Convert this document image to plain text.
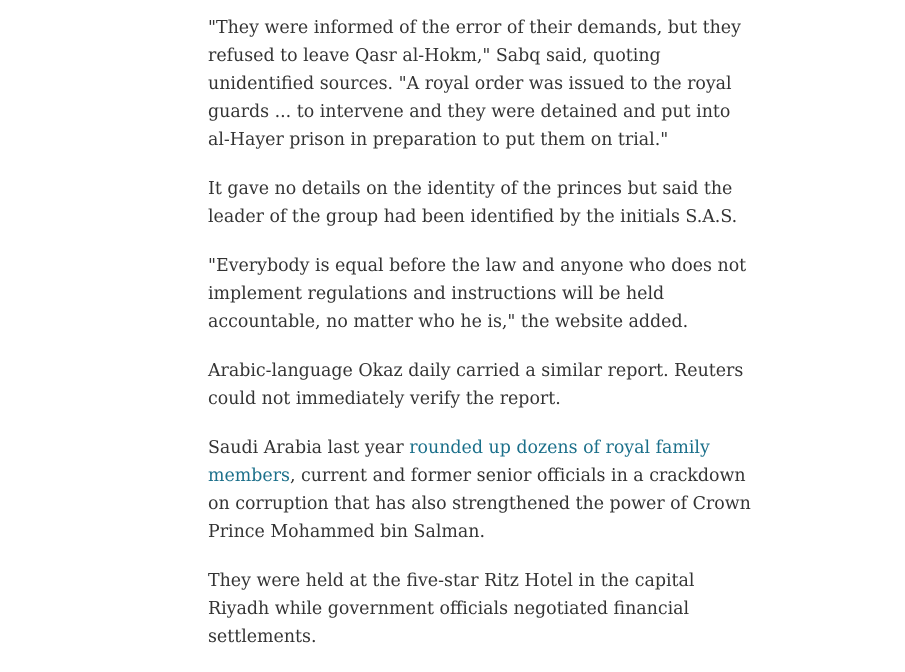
"They were informed of the error of their demands, but they refused to leave Qasr al-Hokm," Sabq said, quoting unidentified sources. "A royal order was issued to the royal guards ... to intervene and they were detained and put into al-Hayer prison in preparation to put them on trial."

It gave no details on the identity of the princes but said the leader of the group had been identified by the initials S.A.S.

"Everybody is equal before the law and anyone who does not implement regulations and instructions will be held accountable, no matter who he is," the website added.

Arabic-language Okaz daily carried a similar report. Reuters could not immediately verify the report.

Saudi Arabia last year rounded up dozens of royal family members, current and former senior officials in a crackdown on corruption that has also strengthened the power of Crown Prince Mohammed bin Salman.

They were held at the five-star Ritz Hotel in the capital Riyadh while government officials negotiated financial settlements.
